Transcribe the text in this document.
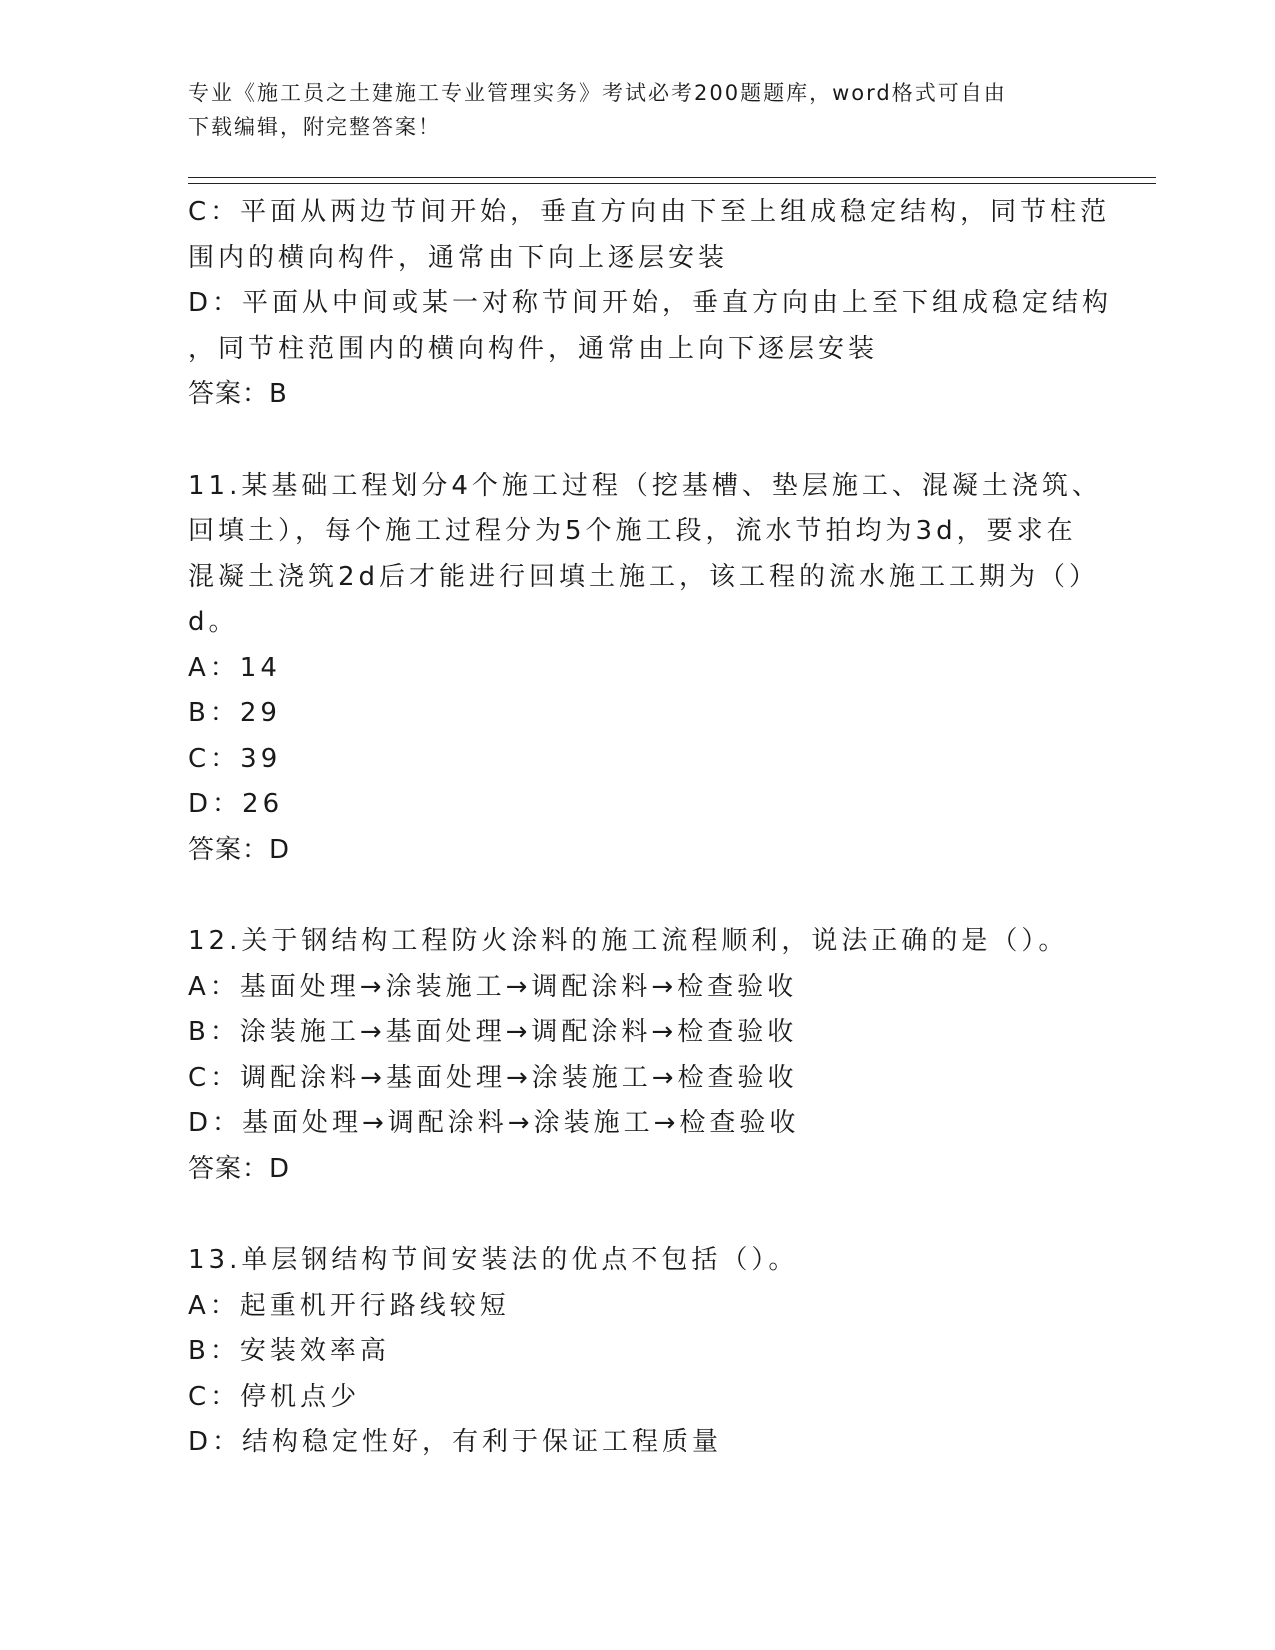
专业《施工员之土建施工专业管理实务》考试必考200题题库，word格式可自由
下载编辑，附完整答案！
C：平面从两边节间开始，垂直方向由下至上组成稳定结构，同节柱范
围内的横向构件，通常由下向上逐层安装
D：平面从中间或某一对称节间开始，垂直方向由上至下组成稳定结构
，同节柱范围内的横向构件，通常由上向下逐层安装
答案：B
11.某基础工程划分4个施工过程（挖基槽、垫层施工、混凝土浇筑、
回填土），每个施工过程分为5个施工段，流水节拍均为3d，要求在
混凝土浇筑2d后才能进行回填土施工，该工程的流水施工工期为（）
d。
A：14
B：29
C：39
D：26
答案：D
12.关于钢结构工程防火涂料的施工流程顺利，说法正确的是（）。
A：基面处理→涂装施工→调配涂料→检查验收
B：涂装施工→基面处理→调配涂料→检查验收
C：调配涂料→基面处理→涂装施工→检查验收
D：基面处理→调配涂料→涂装施工→检查验收
答案：D
13.单层钢结构节间安装法的优点不包括（）。
A：起重机开行路线较短
B：安装效率高
C：停机点少
D：结构稳定性好，有利于保证工程质量
